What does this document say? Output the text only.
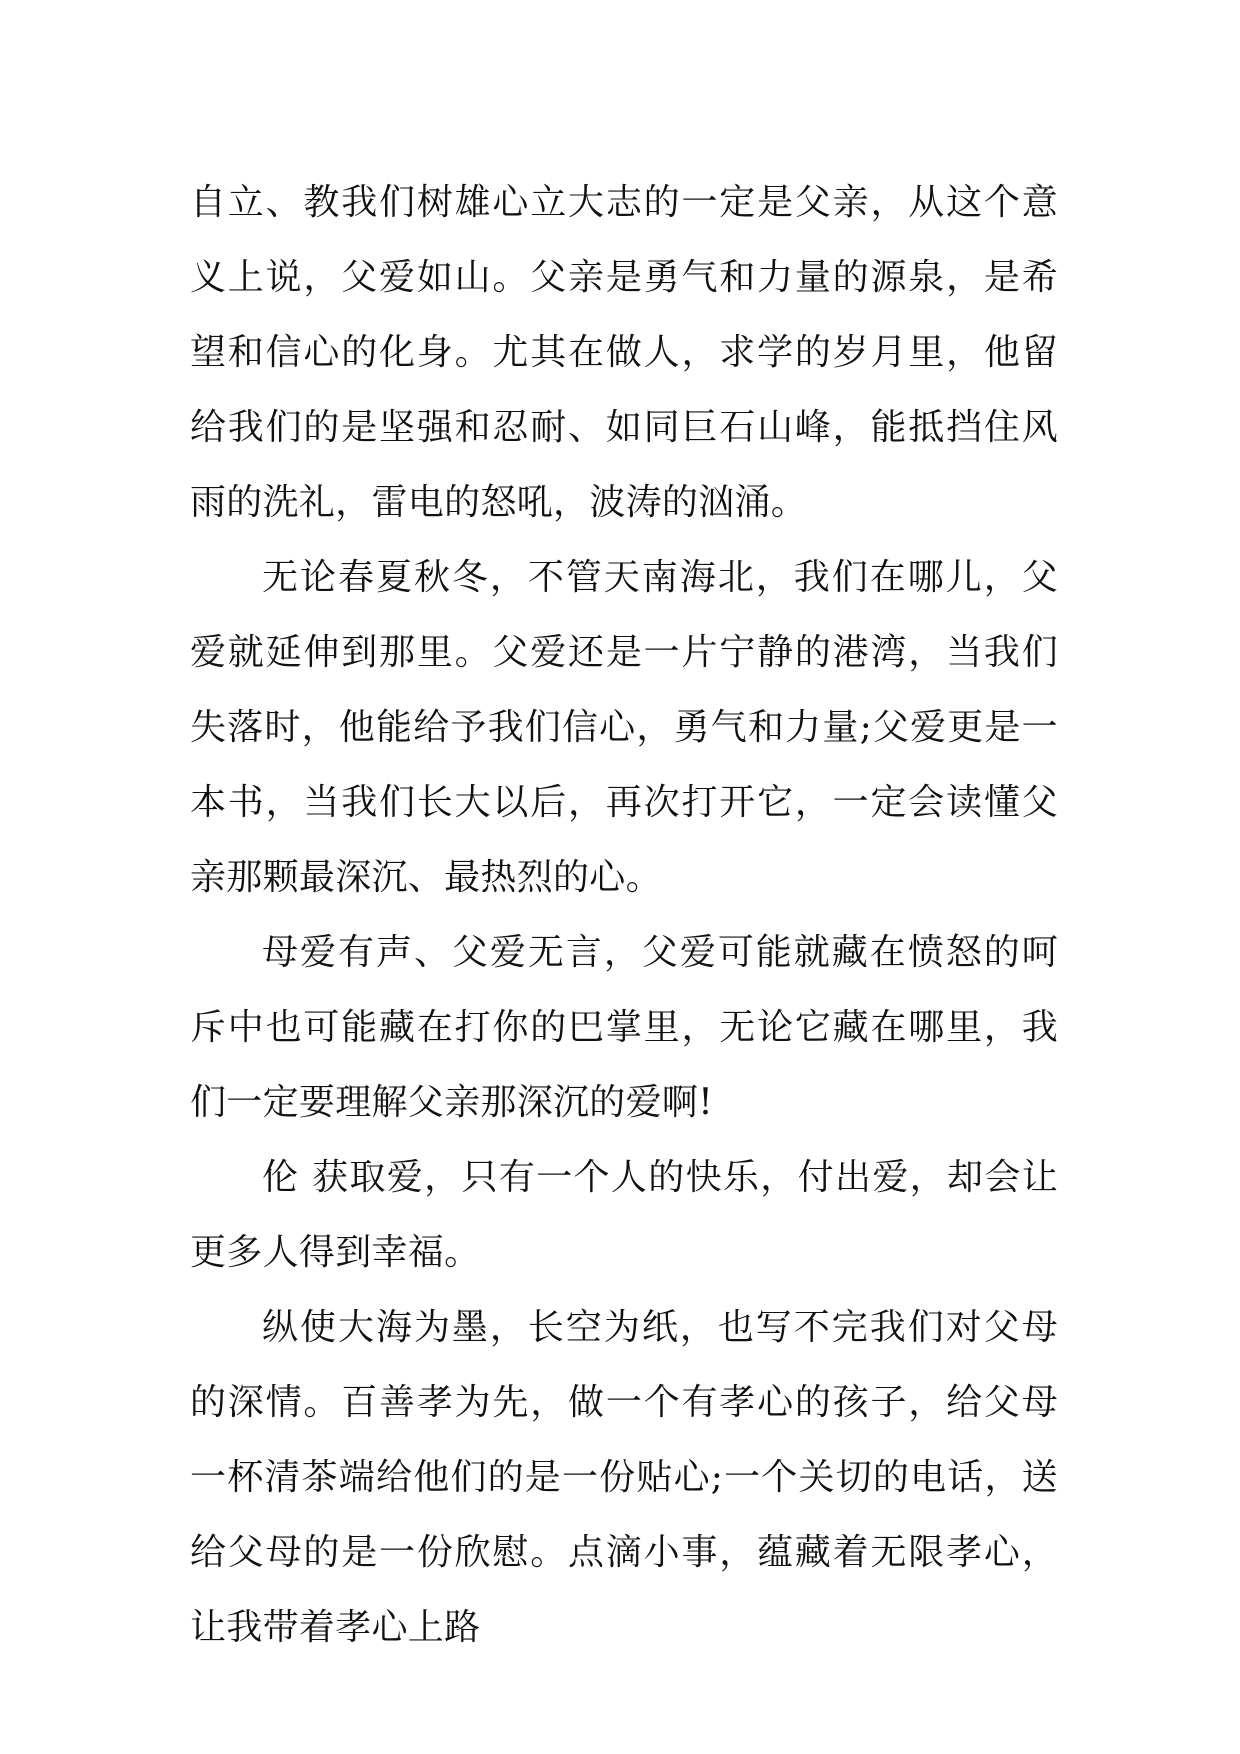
自立、教我们树雄心立大志的一定是父亲，从这个意义上说，父爱如山。父亲是勇气和力量的源泉，是希望和信心的化身。尤其在做人，求学的岁月里，他留给我们的是坚强和忍耐、如同巨石山峰，能抵挡住风雨的洗礼，雷电的怒吼，波涛的汹涌。

无论春夏秋冬，不管天南海北，我们在哪儿，父爱就延伸到那里。父爱还是一片宁静的港湾，当我们失落时，他能给予我们信心，勇气和力量;父爱更是一本书，当我们长大以后，再次打开它，一定会读懂父亲那颗最深沉、最热烈的心。

母爱有声、父爱无言，父爱可能就藏在愤怒的呵斥中也可能藏在打你的巴掌里，无论它藏在哪里，我们一定要理解父亲那深沉的爱啊!

伦 获取爱，只有一个人的快乐，付出爱，却会让更多人得到幸福。

纵使大海为墨，长空为纸，也写不完我们对父母的深情。百善孝为先，做一个有孝心的孩子，给父母一杯清茶端给他们的是一份贴心;一个关切的电话，送给父母的是一份欣慰。点滴小事，蕴藏着无限孝心，让我带着孝心上路
